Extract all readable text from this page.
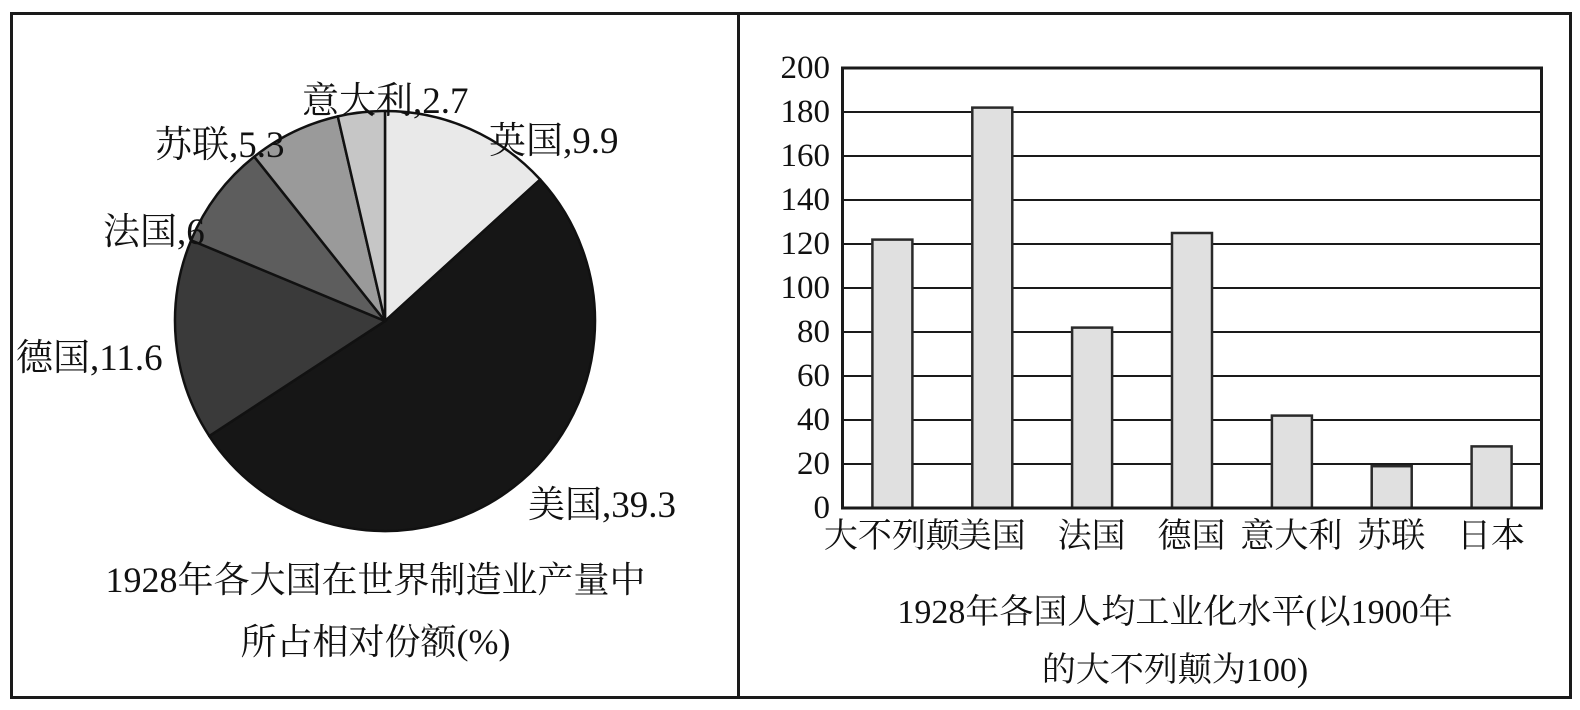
英国,9.9
美国,39.3
德国,11.6
法国,6
苏联,5.3
意大利,2.7
1928年各大国在世界制造业产量中
所占相对份额(%)
0
20
40
60
80
100
120
140
160
180
200
大不列颠
美国 法国 德国 意大利 苏联 日本
1928年各国人均工业化水平(以1900年
的大不列颠为100)
